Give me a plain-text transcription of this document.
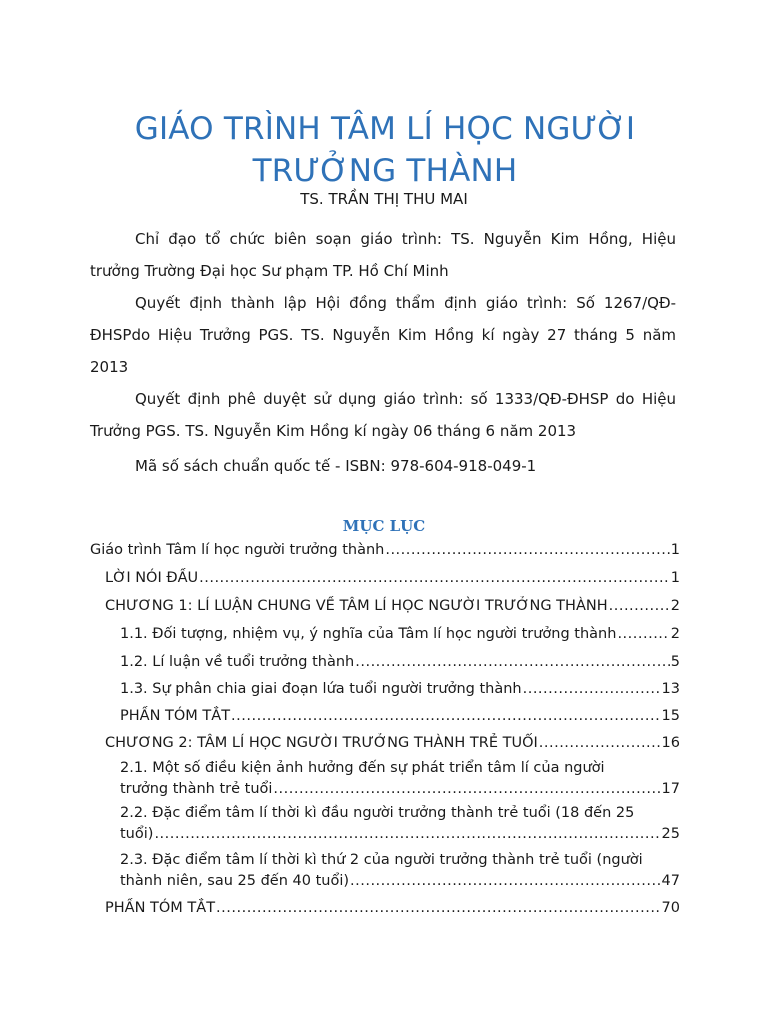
GIÁO TRÌNH TÂM LÍ HỌC NGƯỜI
TRƯỞNG THÀNH
TS. TRẦN THỊ THU MAI

Chỉ đạo tổ chức biên soạn giáo trình: TS. Nguyễn Kim Hồng, Hiệu trưởng Trường Đại học Sư phạm TP. Hồ Chí Minh

Quyết định thành lập Hội đồng thẩm định giáo trình: Số 1267/QĐ-ĐHSPdo Hiệu Trưởng PGS. TS. Nguyễn Kim Hồng kí ngày 27 tháng 5 năm 2013

Quyết định phê duyệt sử dụng giáo trình: số 1333/QĐ-ĐHSP do Hiệu Trưởng PGS. TS. Nguyễn Kim Hồng kí ngày 06 tháng 6 năm 2013

Mã số sách chuẩn quốc tế - ISBN: 978-604-918-049-1

MỤC LỤC
Giáo trình Tâm lí học người trưởng thành .....	1
LỜI NÓI ĐẦU .....	1
CHƯƠNG 1: LÍ LUẬN CHUNG VỀ TÂM LÍ HỌC NGƯỜI TRƯỞNG THÀNH .....	2
1.1. Đối tượng, nhiệm vụ, ý nghĩa của Tâm lí học người trưởng thành .....	2
1.2. Lí luận về tuổi trưởng thành .....	5
1.3. Sự phân chia giai đoạn lứa tuổi người trưởng thành .....	13
PHẦN TÓM TẮT .....	15
CHƯƠNG 2: TÂM LÍ HỌC NGƯỜI TRƯỞNG THÀNH TRẺ TUỔI .....	16
2.1. Một số điều kiện ảnh hưởng đến sự phát triển tâm lí của người
trưởng thành trẻ tuổi .....	17
2.2. Đặc điểm tâm lí thời kì đầu người trưởng thành trẻ tuổi (18 đến 25
tuổi) .....	25
2.3. Đặc điểm tâm lí thời kì thứ 2 của người trưởng thành trẻ tuổi (người
thành niên, sau 25 đến 40 tuổi) .....	47
PHẦN TÓM TẮT .....	70
